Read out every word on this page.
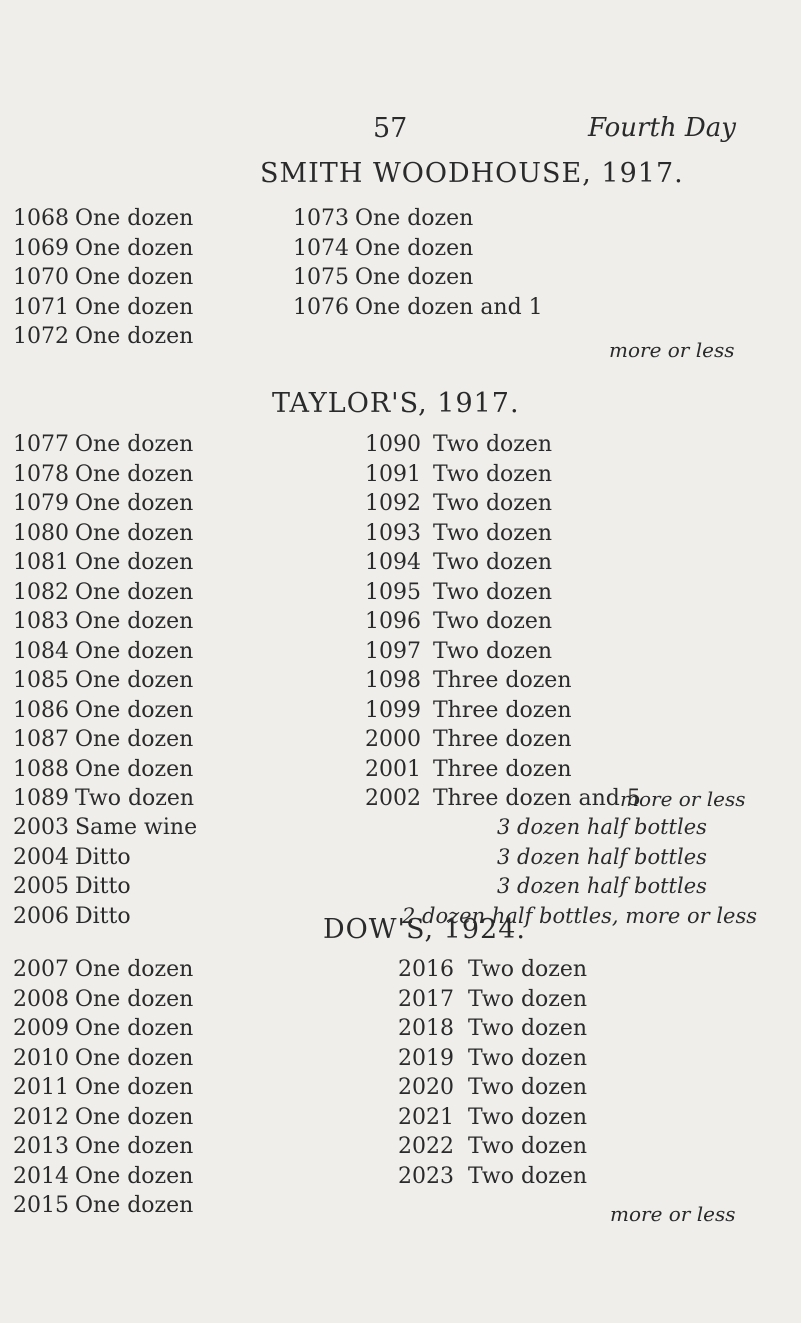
57	Fourth Day
SMITH WOODHOUSE, 1917.
1068 One dozen
1069 One dozen
1070 One dozen
1071 One dozen
1072 One dozen
1073 One dozen
1074 One dozen
1075 One dozen
1076 One dozen and 1
more or less
TAYLOR'S, 1917.
1077 One dozen
1078 One dozen
1079 One dozen
1080 One dozen
1081 One dozen
1082 One dozen
1083 One dozen
1084 One dozen
1085 One dozen
1086 One dozen
1087 One dozen
1088 One dozen
1089 Two dozen
1090 Two dozen
1091 Two dozen
1092 Two dozen
1093 Two dozen
1094 Two dozen
1095 Two dozen
1096 Two dozen
1097 Two dozen
1098 Three dozen
1099 Three dozen
2000 Three dozen
2001 Three dozen
2002 Three dozen and 5
more or less
2003 Same wine
2004 Ditto
2005 Ditto
2006 Ditto
3 dozen half bottles
3 dozen half bottles
3 dozen half bottles
2 dozen half bottles, more or less
DOW'S, 1924.
2007 One dozen
2008 One dozen
2009 One dozen
2010 One dozen
2011 One dozen
2012 One dozen
2013 One dozen
2014 One dozen
2015 One dozen
2016 Two dozen
2017 Two dozen
2018 Two dozen
2019 Two dozen
2020 Two dozen
2021 Two dozen
2022 Two dozen
2023 Two dozen
more or less
